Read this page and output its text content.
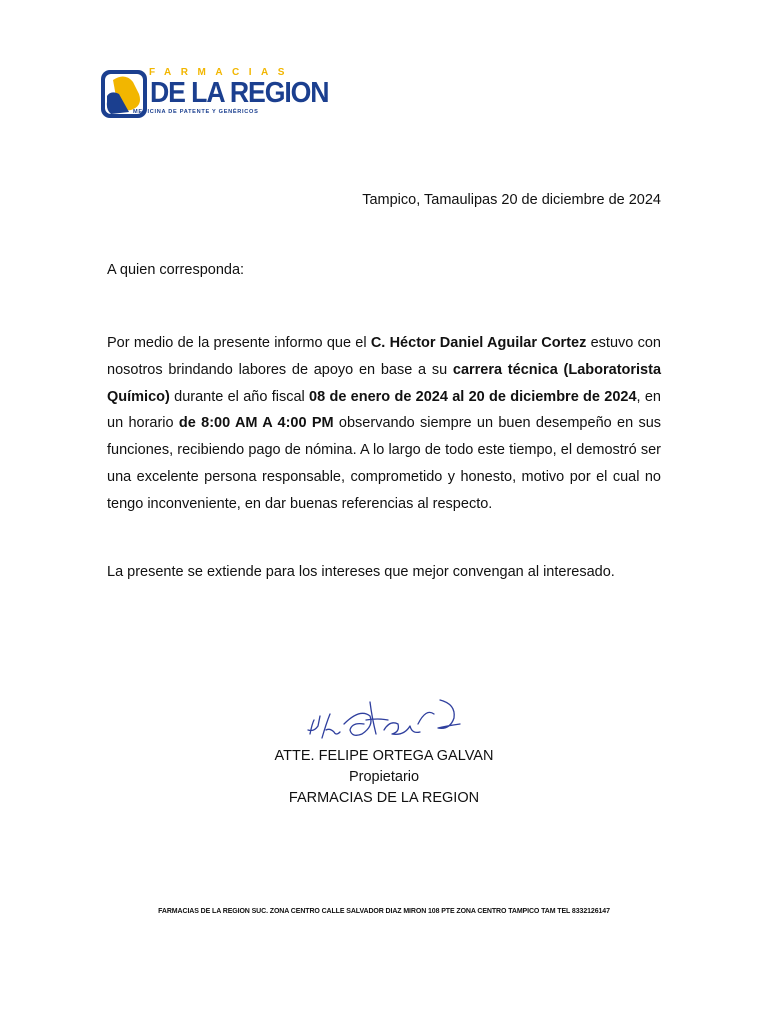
FARMACIAS
DE LA REGION
MEDICINA DE PATENTE Y GENÉRICOS
Tampico, Tamaulipas 20 de diciembre de 2024
A quien corresponda:

Por medio de la presente informo que el C. Héctor Daniel Aguilar Cortez estuvo con nosotros brindando labores de apoyo en base a su carrera técnica (Laboratorista Químico) durante el año fiscal 08 de enero de 2024 al 20 de diciembre de 2024, en un horario de 8:00 AM A 4:00 PM observando siempre un buen desempeño en sus funciones, recibiendo pago de nómina. A lo largo de todo este tiempo, el demostró ser una excelente persona responsable, comprometido y honesto, motivo por el cual no tengo inconveniente, en dar buenas referencias al respecto.

La presente se extiende para los intereses que mejor convengan al interesado.
ATTE. FELIPE ORTEGA GALVAN
Propietario
FARMACIAS DE LA REGION
FARMACIAS DE LA REGION SUC. ZONA CENTRO CALLE SALVADOR DIAZ MIRON 108 PTE ZONA CENTRO TAMPICO TAM TEL 8332126147
